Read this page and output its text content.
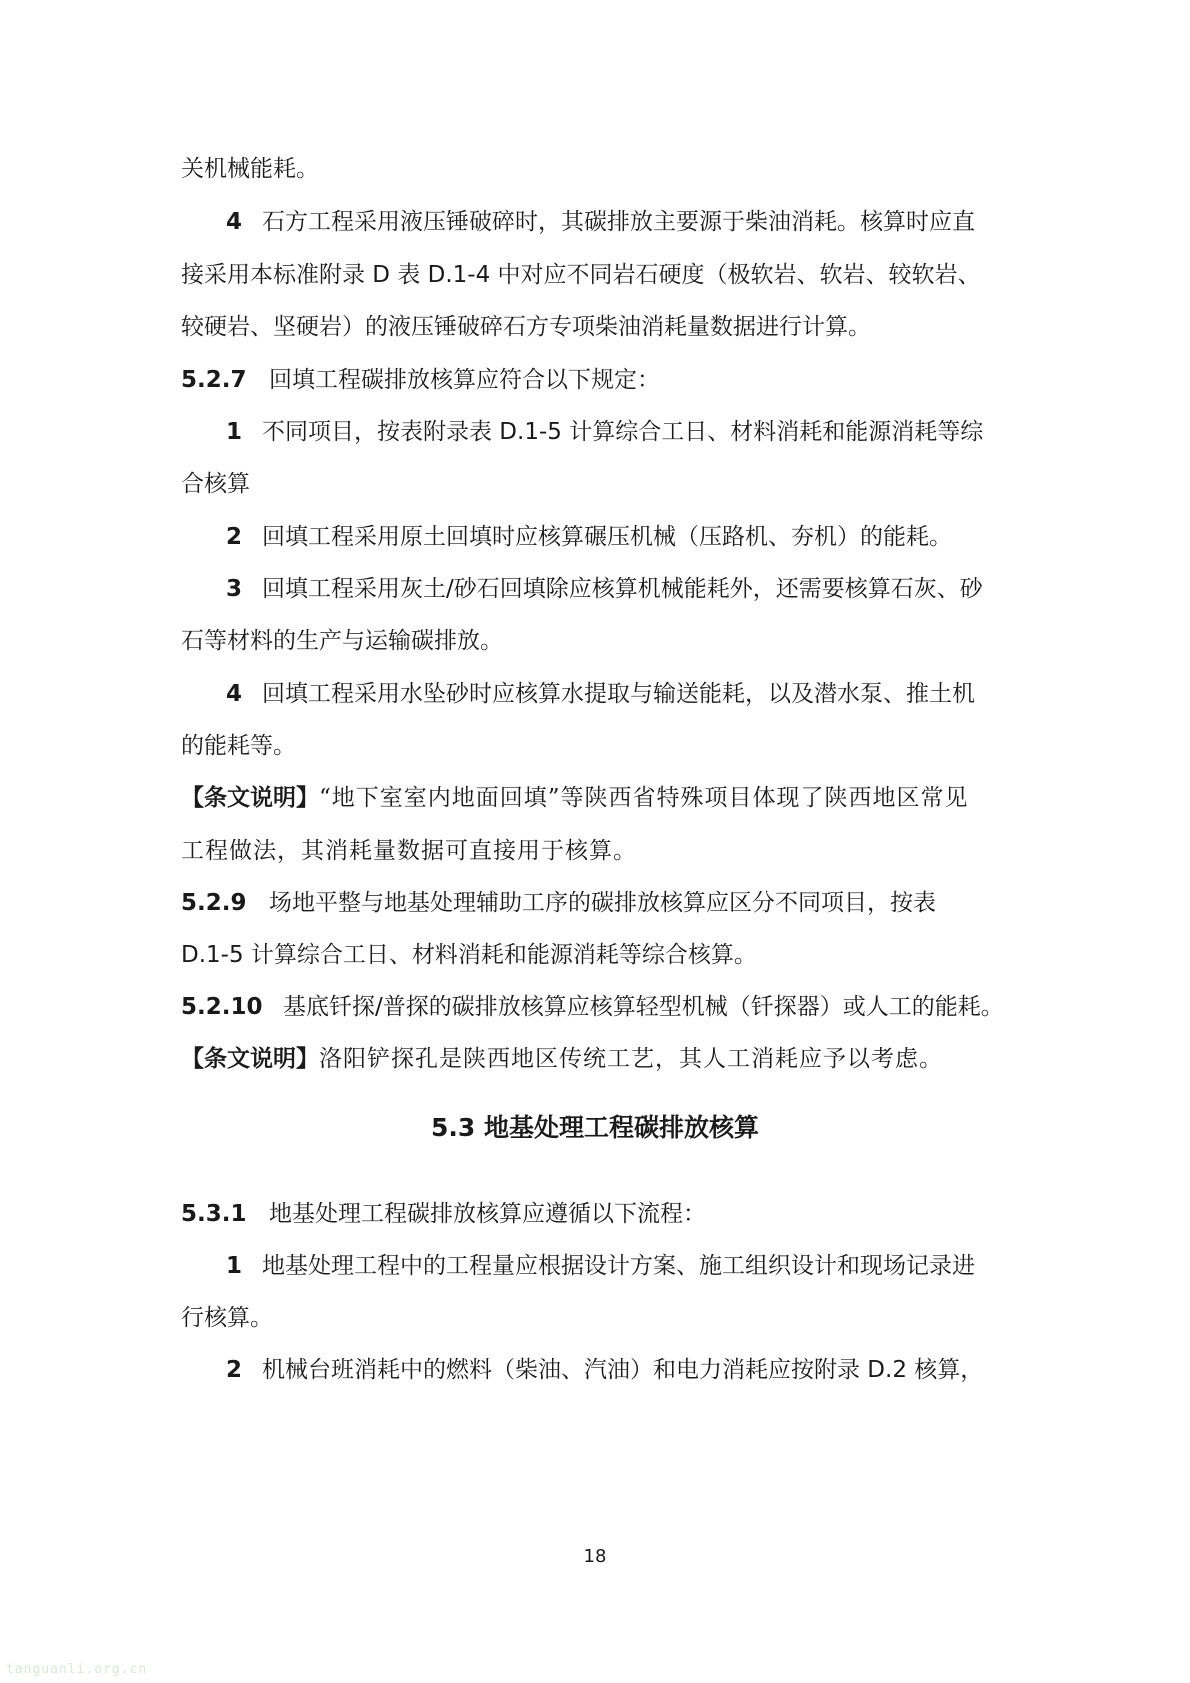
关机械能耗。
4 石方工程采用液压锤破碎时，其碳排放主要源于柴油消耗。核算时应直
接采用本标准附录 D 表 D.1-4 中对应不同岩石硬度（极软岩、软岩、较软岩、
较硬岩、坚硬岩）的液压锤破碎石方专项柴油消耗量数据进行计算。
5.2.7 回填工程碳排放核算应符合以下规定：
1 不同项目，按表附录表 D.1-5 计算综合工日、材料消耗和能源消耗等综
合核算
2 回填工程采用原土回填时应核算碾压机械（压路机、夯机）的能耗。
3 回填工程采用灰土/砂石回填除应核算机械能耗外，还需要核算石灰、砂
石等材料的生产与运输碳排放。
4 回填工程采用水坠砂时应核算水提取与输送能耗，以及潜水泵、推土机
的能耗等。
【条文说明】“地下室室内地面回填”等陕西省特殊项目体现了陕西地区常见
工程做法，其消耗量数据可直接用于核算。
5.2.9 场地平整与地基处理辅助工序的碳排放核算应区分不同项目，按表
D.1-5 计算综合工日、材料消耗和能源消耗等综合核算。
5.2.10 基底钎探/普探的碳排放核算应核算轻型机械（钎探器）或人工的能耗。
【条文说明】洛阳铲探孔是陕西地区传统工艺，其人工消耗应予以考虑。
5.3 地基处理工程碳排放核算
5.3.1 地基处理工程碳排放核算应遵循以下流程：
1 地基处理工程中的工程量应根据设计方案、施工组织设计和现场记录进
行核算。
2 机械台班消耗中的燃料（柴油、汽油）和电力消耗应按附录 D.2 核算，
18
tanguanli.org.cn
